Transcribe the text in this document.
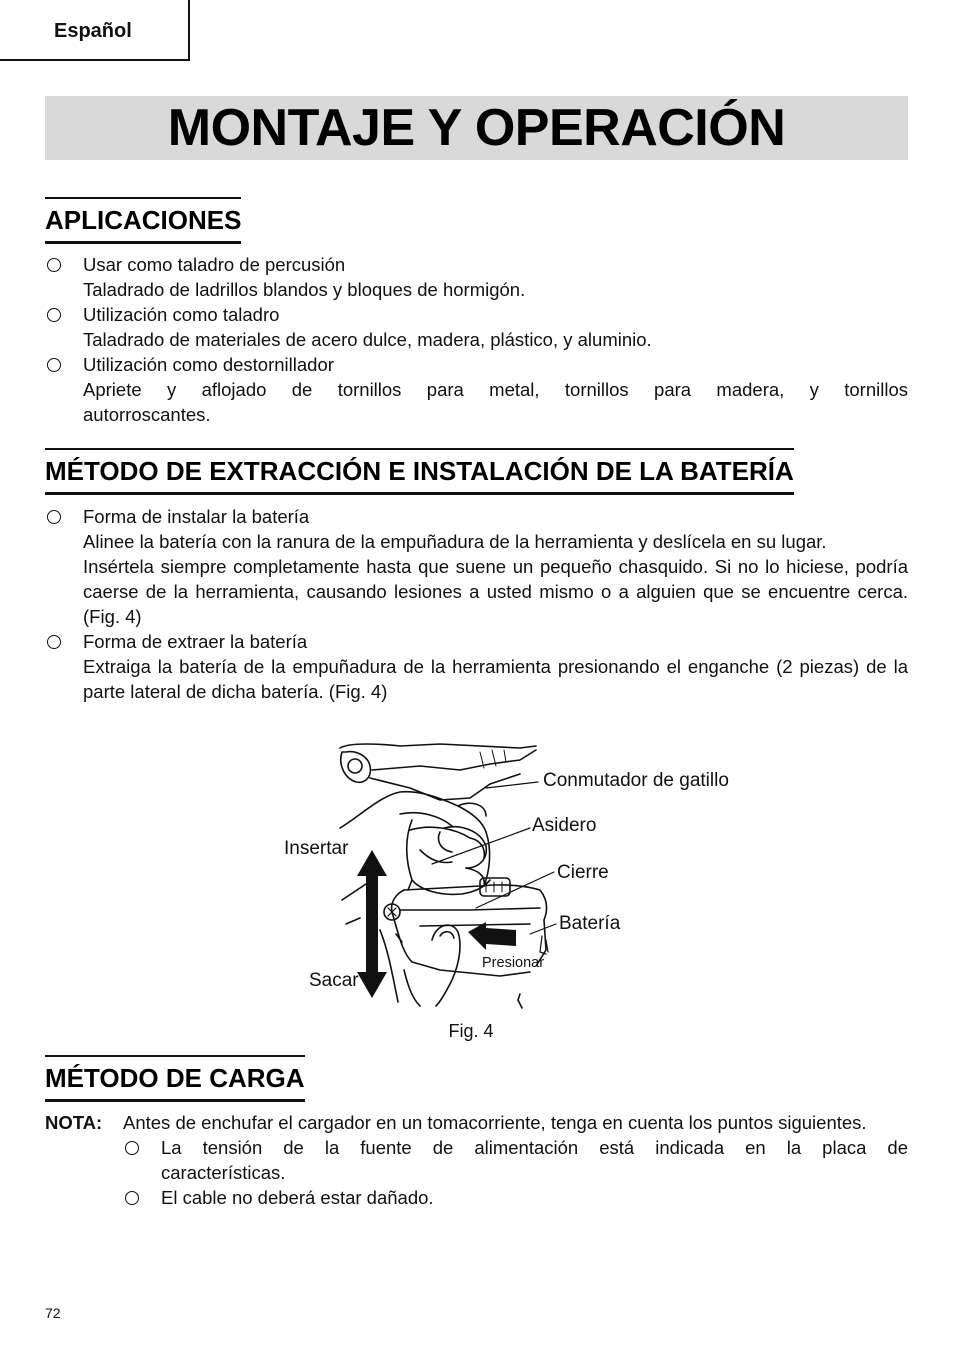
Español
MONTAJE Y OPERACIÓN
APLICACIONES

Usar como taladro de percusión

Taladrado de ladrillos blandos y bloques de hormigón.

Utilización como taladro

Taladrado de materiales de acero dulce, madera, plástico, y aluminio.

Utilización como destornillador

Apriete y aflojado de tornillos para metal, tornillos para madera, y tornillos

autorroscantes.

MÉTODO DE EXTRACCIÓN E INSTALACIÓN DE LA BATERÍA

Forma de instalar la batería

Alinee la batería con la ranura de la empuñadura de la herramienta y deslícela en su lugar.

Insértela siempre completamente hasta que suene un pequeño chasquido. Si no lo hiciese, podría caerse de la herramienta, causando lesiones a usted mismo o a alguien que se encuentre cerca. (Fig. 4)

Forma de extraer la batería

Extraiga la batería de la empuñadura de la herramienta presionando el enganche (2 piezas) de la parte lateral de dicha batería. (Fig. 4)

Conmutador de gatillo
Asidero
Insertar
Cierre
Batería
Presionar
Sacar
Fig. 4
MÉTODO DE CARGA
NOTA: Antes de enchufar el cargador en un tomacorriente, tenga en cuenta los puntos siguientes.

La tensión de la fuente de alimentación está indicada en la placa de

características.

El cable no deberá estar dañado.

72
